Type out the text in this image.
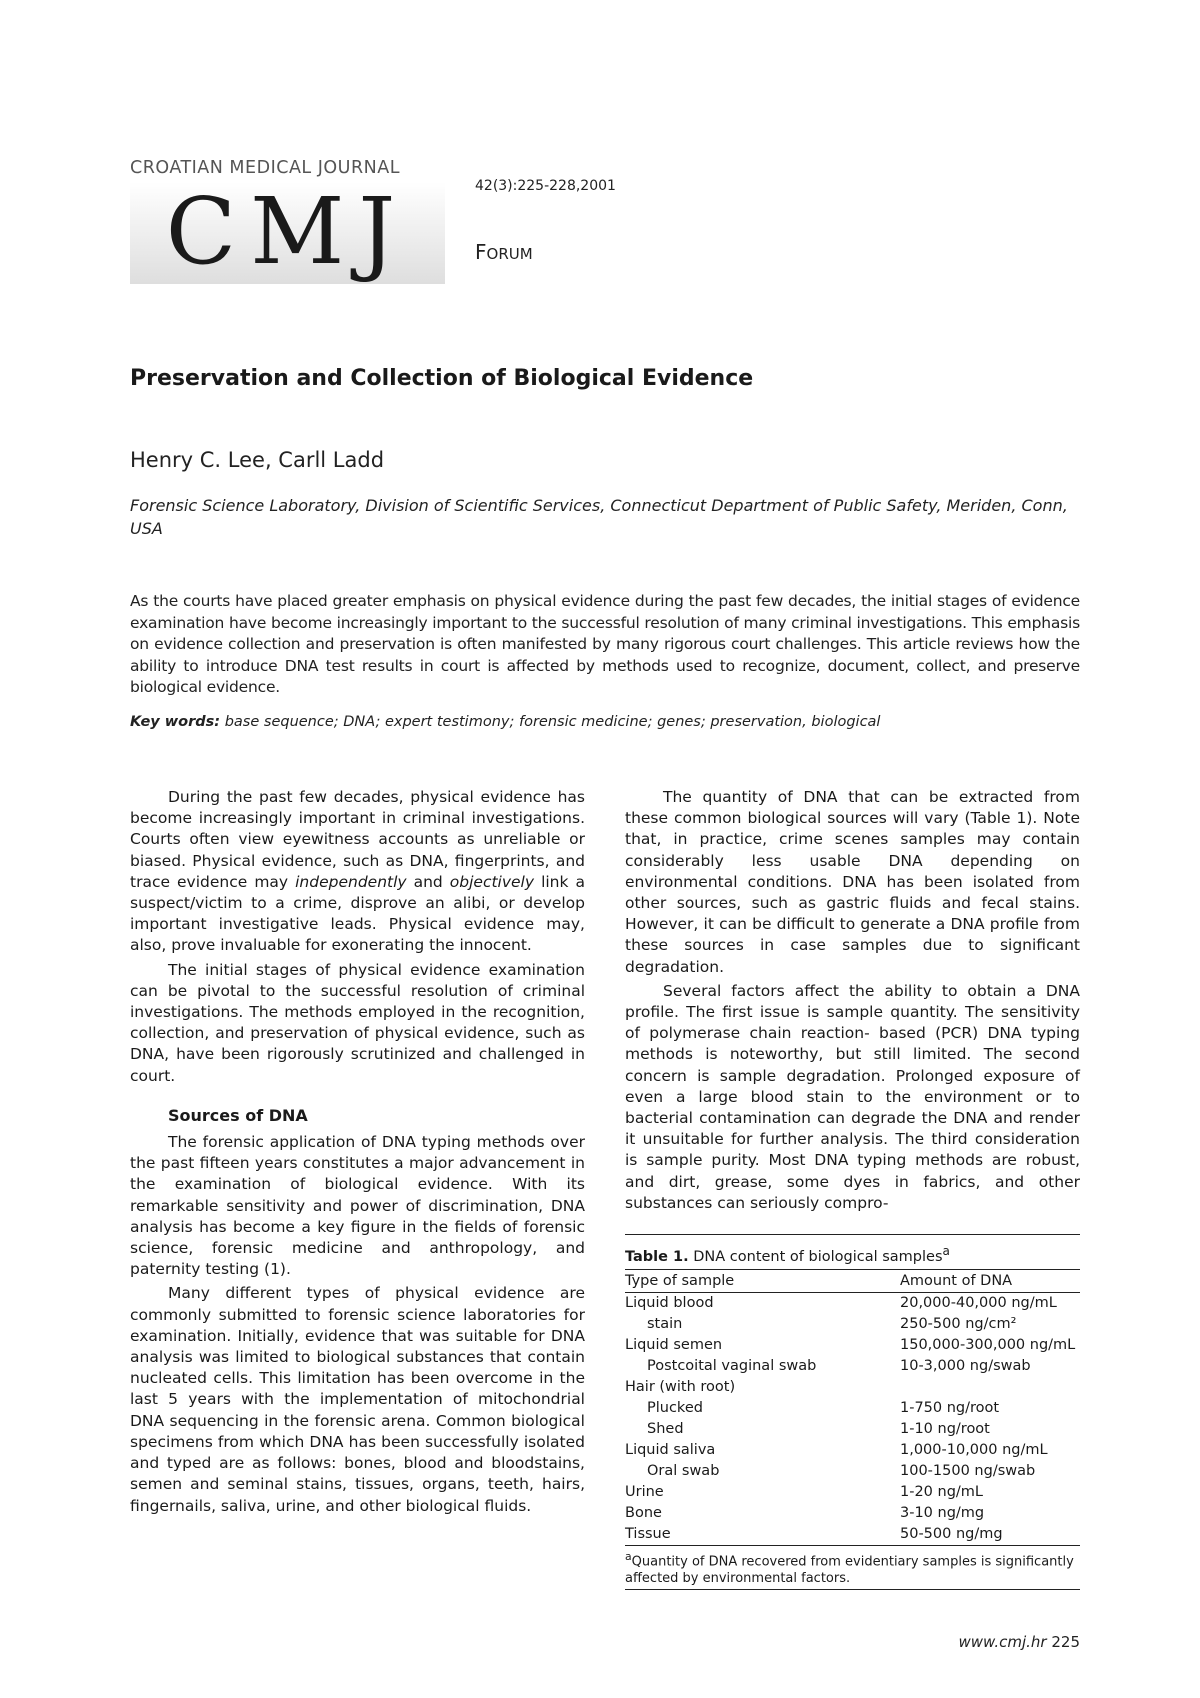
CROATIAN MEDICAL JOURNAL
CMJ	42(3):225-228,2001
FORUM
Preservation and Collection of Biological Evidence
Henry C. Lee, Carll Ladd
Forensic Science Laboratory, Division of Scientific Services, Connecticut Department of Public Safety, Meriden, Conn, USA
As the courts have placed greater emphasis on physical evidence during the past few decades, the initial stages of evidence examination have become increasingly important to the successful resolution of many criminal investigations. This emphasis on evidence collection and preservation is often manifested by many rigorous court challenges. This article reviews how the ability to introduce DNA test results in court is affected by methods used to recognize, document, collect, and preserve biological evidence.
Key words: base sequence; DNA; expert testimony; forensic medicine; genes; preservation, biological

During the past few decades, physical evidence has become increasingly important in criminal investigations. Courts often view eyewitness accounts as unreliable or biased. Physical evidence, such as DNA, fingerprints, and trace evidence may independently and objectively link a suspect/victim to a crime, disprove an alibi, or develop important investigative leads. Physical evidence may, also, prove invaluable for exonerating the innocent.

The initial stages of physical evidence examination can be pivotal to the successful resolution of criminal investigations. The methods employed in the recognition, collection, and preservation of physical evidence, such as DNA, have been rigorously scrutinized and challenged in court.

Sources of DNA

The forensic application of DNA typing methods over the past fifteen years constitutes a major advancement in the examination of biological evidence. With its remarkable sensitivity and power of discrimination, DNA analysis has become a key figure in the fields of forensic science, forensic medicine and anthropology, and paternity testing (1).

Many different types of physical evidence are commonly submitted to forensic science laboratories for examination. Initially, evidence that was suitable for DNA analysis was limited to biological substances that contain nucleated cells. This limitation has been overcome in the last 5 years with the implementation of mitochondrial DNA sequencing in the forensic arena. Common biological specimens from which DNA has been successfully isolated and typed are as follows: bones, blood and bloodstains, semen and seminal stains, tissues, organs, teeth, hairs, fingernails, saliva, urine, and other biological fluids.

The quantity of DNA that can be extracted from these common biological sources will vary (Table 1). Note that, in practice, crime scenes samples may contain considerably less usable DNA depending on environmental conditions. DNA has been isolated from other sources, such as gastric fluids and fecal stains. However, it can be difficult to generate a DNA profile from these sources in case samples due to significant degradation.

Several factors affect the ability to obtain a DNA profile. The first issue is sample quantity. The sensitivity of polymerase chain reaction- based (PCR) DNA typing methods is noteworthy, but still limited. The second concern is sample degradation. Prolonged exposure of even a large blood stain to the environment or to bacterial contamination can degrade the DNA and render it unsuitable for further analysis. The third consideration is sample purity. Most DNA typing methods are robust, and dirt, grease, some dyes in fabrics, and other substances can seriously compro-

Table 1. DNA content of biological samples$^a$
Type of sample	Amount of DNA
Liquid blood	20,000-40,000 ng/mL
stain	250-500 ng/cm²
Liquid semen	150,000-300,000 ng/mL
Postcoital vaginal swab	10-3,000 ng/swab
Hair (with root)	
Plucked	1-750 ng/root
Shed	1-10 ng/root
Liquid saliva	1,000-10,000 ng/mL
Oral swab	100-1500 ng/swab
Urine	1-20 ng/mL
Bone	3-10 ng/mg
Tissue	50-500 ng/mg
$^a$Quantity of DNA recovered from evidentiary samples is significantly affected by environmental factors.
www.cmj.hr 225
